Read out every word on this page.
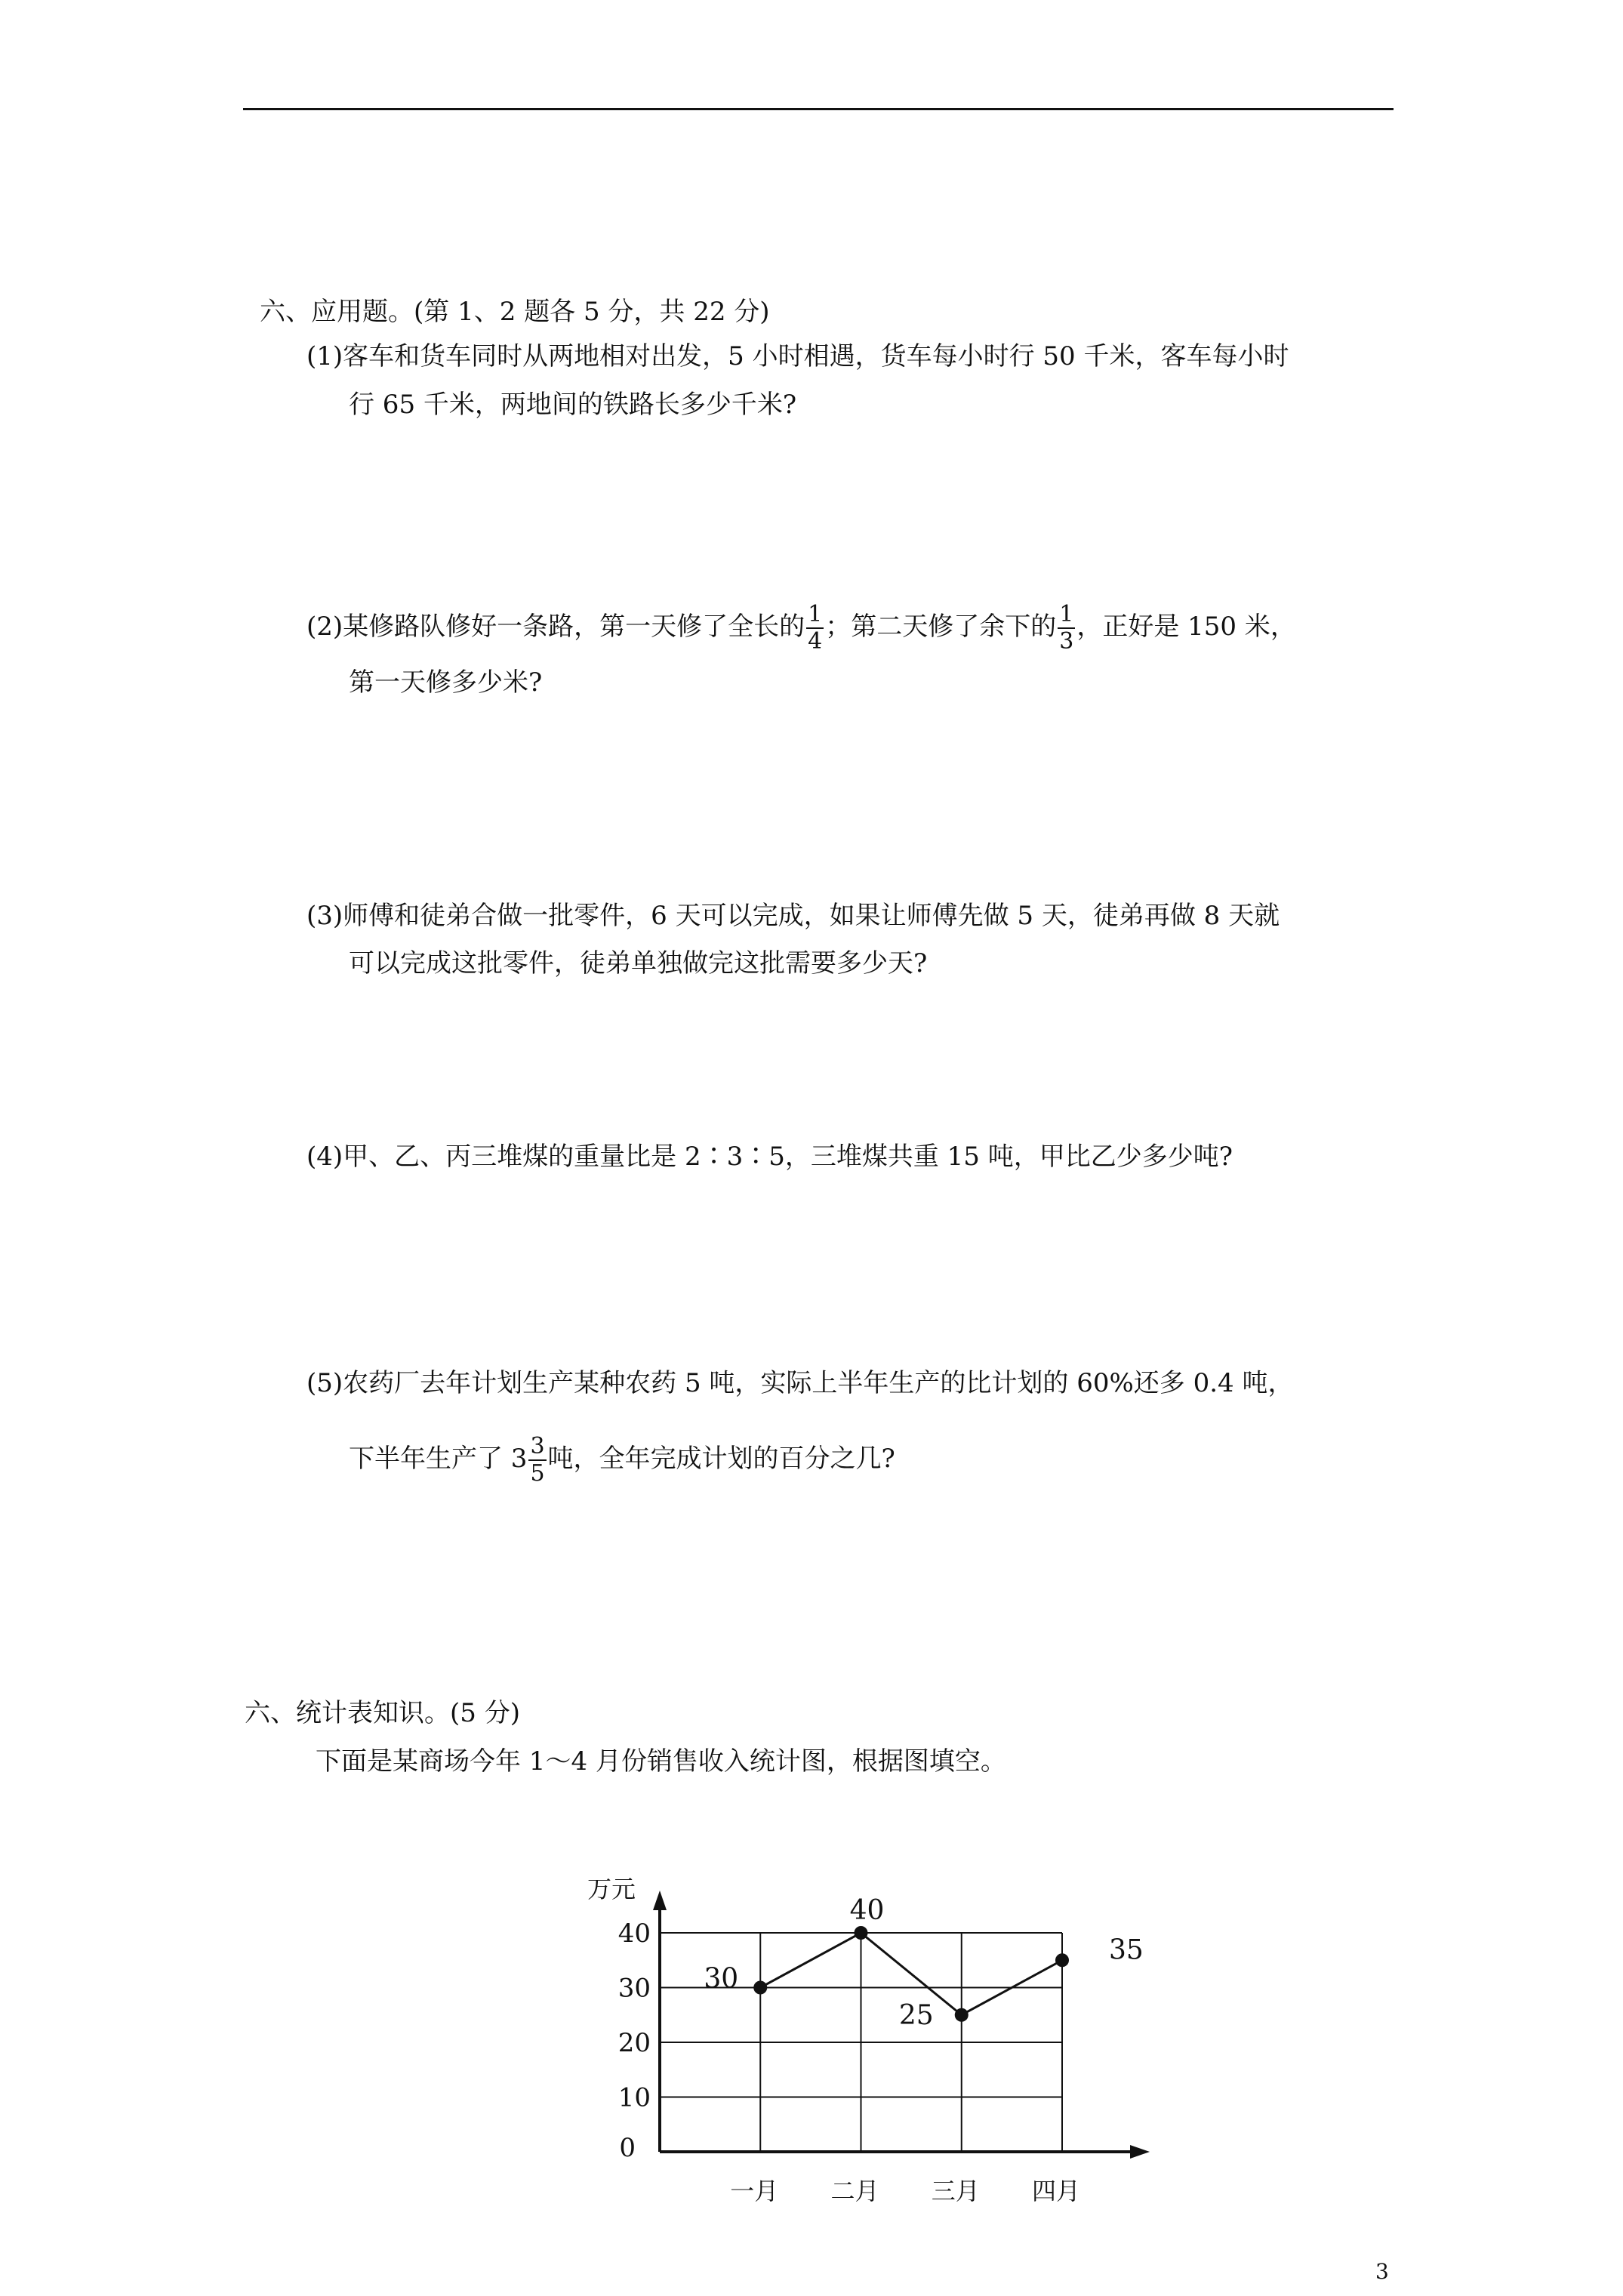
六、应用题。(第 1、2 题各 5 分，共 22 分)
(1)客车和货车同时从两地相对出发，5 小时相遇，货车每小时行 50 千米，客车每小时
行 65 千米，两地间的铁路长多少千米?
(2)某修路队修好一条路，第一天修了全长的 $\frac{1}{4}$ ；第二天修了余下的 $\frac{1}{3}$ ，正好是 150 米，
第一天修多少米?
(3)师傅和徒弟合做一批零件，6 天可以完成，如果让师傅先做 5 天，徒弟再做 8 天就
可以完成这批零件，徒弟单独做完这批需要多少天?
(4)甲、乙、丙三堆煤的重量比是 2∶3∶5，三堆煤共重 15 吨，甲比乙少多少吨?
(5)农药厂去年计划生产某种农药 5 吨，实际上半年生产的比计划的 60%还多 0.4 吨，
下半年生产了 $3 \frac{3}{5}$ 吨，全年完成计划的百分之几?
六、统计表知识。(5 分)
下面是某商场今年 1～4 月份销售收入统计图，根据图填空。
万元
0
10
20
30
40
一月 二月 三月 四月
30
40
25
35
3
